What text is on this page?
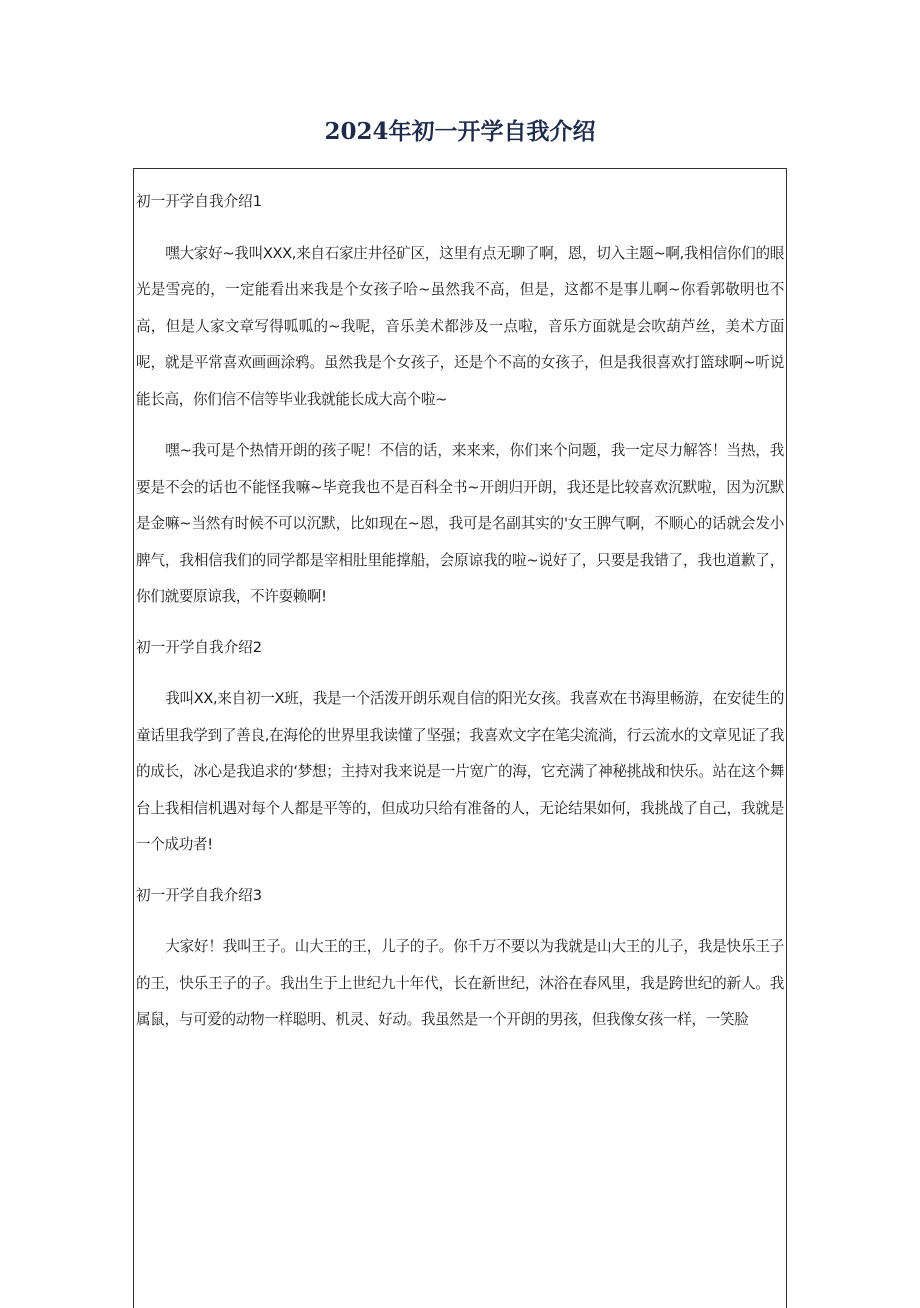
2024年初一开学自我介绍
初一开学自我介绍1

嘿大家好~我叫XXX,来自石家庄井径矿区，这里有点无聊了啊，恩，切入主题~啊,我相信你们的眼光是雪亮的，一定能看出来我是个女孩子哈~虽然我不高，但是，这都不是事儿啊~你看郭敬明也不高，但是人家文章写得呱呱的~我呢，音乐美术都涉及一点啦，音乐方面就是会吹葫芦丝，美术方面呢，就是平常喜欢画画涂鸦。虽然我是个女孩子，还是个不高的女孩子，但是我很喜欢打篮球啊~听说能长高，你们信不信等毕业我就能长成大高个啦~

嘿~我可是个热情开朗的孩子呢！不信的话，来来来，你们来个问题，我一定尽力解答！当热，我要是不会的话也不能怪我嘛~毕竟我也不是百科全书~开朗归开朗，我还是比较喜欢沉默啦，因为沉默是金嘛~当然有时候不可以沉默，比如现在~恩，我可是名副其实的'女王脾气啊，不顺心的话就会发小脾气，我相信我们的同学都是宰相肚里能撑船，会原谅我的啦~说好了，只要是我错了，我也道歉了，你们就要原谅我，不许耍赖啊!

初一开学自我介绍2

我叫XX,来自初一X班，我是一个活泼开朗乐观自信的阳光女孩。我喜欢在书海里畅游，在安徒生的童话里我学到了善良,在海伦的世界里我读懂了坚强；我喜欢文字在笔尖流淌，行云流水的文章见证了我的成长，冰心是我追求的‘梦想；主持对我来说是一片宽广的海，它充满了神秘挑战和快乐。站在这个舞台上我相信机遇对每个人都是平等的，但成功只给有准备的人，无论结果如何，我挑战了自己，我就是一个成功者!

初一开学自我介绍3

大家好！我叫王子。山大王的王，儿子的子。你千万不要以为我就是山大王的儿子，我是快乐王子的王，快乐王子的子。我出生于上世纪九十年代，长在新世纪，沐浴在春风里，我是跨世纪的新人。我属鼠，与可爱的动物一样聪明、机灵、好动。我虽然是一个开朗的男孩，但我像女孩一样，一笑脸
